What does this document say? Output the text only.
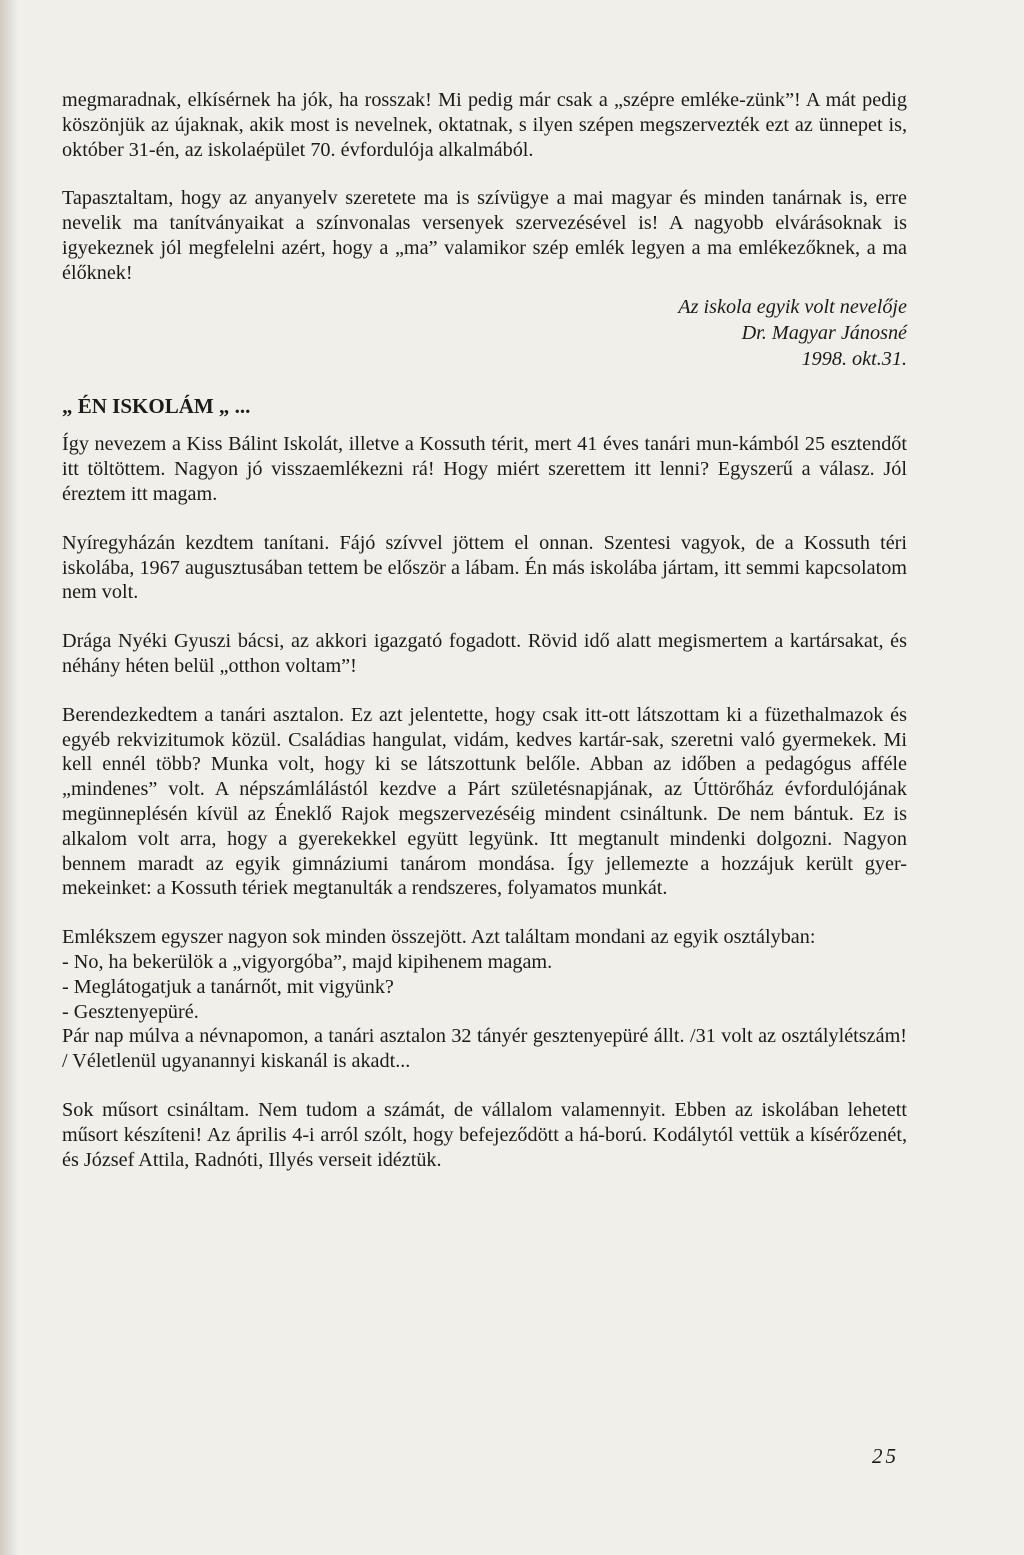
megmaradnak, elkísérnek ha jók, ha rosszak! Mi pedig már csak a „szépre emléke-zünk”! A mát pedig köszönjük az újaknak, akik most is nevelnek, oktatnak, s ilyen szépen megszervezték ezt az ünnepet is, október 31-én, az iskolaépület 70. évfordulója alkalmából.

Tapasztaltam, hogy az anyanyelv szeretete ma is szívügye a mai magyar és minden tanárnak is, erre nevelik ma tanítványaikat a színvonalas versenyek szervezésével is! A nagyobb elvárásoknak is igyekeznek jól megfelelni azért, hogy a „ma” valamikor szép emlék legyen a ma emlékezőknek, a ma élőknek!

Az iskola egyik volt nevelője
Dr. Magyar Jánosné
1998. okt.31.
„ ÉN ISKOLÁM „ ...

Így nevezem a Kiss Bálint Iskolát, illetve a Kossuth térit, mert 41 éves tanári mun-kámból 25 esztendőt itt töltöttem. Nagyon jó visszaemlékezni rá! Hogy miért szerettem itt lenni? Egyszerű a válasz. Jól éreztem itt magam.

Nyíregyházán kezdtem tanítani. Fájó szívvel jöttem el onnan. Szentesi vagyok, de a Kossuth téri iskolába, 1967 augusztusában tettem be először a lábam. Én más iskolába jártam, itt semmi kapcsolatom nem volt.

Drága Nyéki Gyuszi bácsi, az akkori igazgató fogadott. Rövid idő alatt megismertem a kartársakat, és néhány héten belül „otthon voltam”!

Berendezkedtem a tanári asztalon. Ez azt jelentette, hogy csak itt-ott látszottam ki a füzethalmazok és egyéb rekvizitumok közül. Családias hangulat, vidám, kedves kartár-sak, szeretni való gyermekek. Mi kell ennél több? Munka volt, hogy ki se látszottunk belőle. Abban az időben a pedagógus afféle „mindenes” volt. A népszámlálástól kezdve a Párt születésnapjának, az Úttörőház évfordulójának megünneplésén kívül az Éneklő Rajok megszervezéséig mindent csináltunk. De nem bántuk. Ez is alkalom volt arra, hogy a gyerekekkel együtt legyünk. Itt megtanult mindenki dolgozni. Nagyon bennem maradt az egyik gimnáziumi tanárom mondása. Így jellemezte a hozzájuk került gyer-mekeinket: a Kossuth tériek megtanulták a rendszeres, folyamatos munkát.

Emlékszem egyszer nagyon sok minden összejött. Azt találtam mondani az egyik osztályban:

- No, ha bekerülök a „vigyorgóba”, majd kipihenem magam.

- Meglátogatjuk a tanárnőt, mit vigyünk?

- Gesztenyepüré.

Pár nap múlva a névnapomon, a tanári asztalon 32 tányér gesztenyepüré állt. /31 volt az osztálylétszám! / Véletlenül ugyanannyi kiskanál is akadt...

Sok műsort csináltam. Nem tudom a számát, de vállalom valamennyit. Ebben az iskolában lehetett műsort készíteni! Az április 4-i arról szólt, hogy befejeződött a há-ború. Kodálytól vettük a kísérőzenét, és József Attila, Radnóti, Illyés verseit idéztük.

25
